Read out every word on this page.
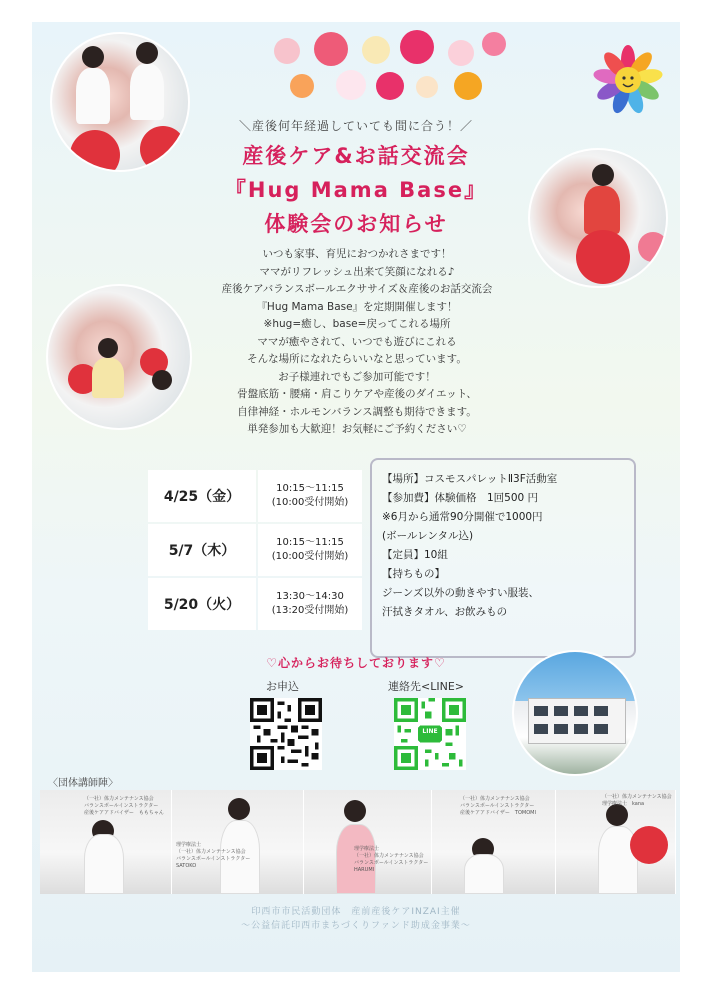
＼産後何年経過していても間に合う！／
産後ケア&お話交流会
『Hug Mama Base』
体験会のお知らせ
いつも家事、育児におつかれさまです！
ママがリフレッシュ出来て笑顔になれる♪
産後ケアバランスボールエクササイズ＆産後のお話交流会
『Hug Mama Base』を定期開催します！
※hug=癒し、base=戻ってこれる場所
ママが癒やされて、いつでも遊びにこれる
そんな場所になれたらいいなと思っています。
お子様連れでもご参加可能です！
骨盤底筋・腰痛・肩こりケアや産後のダイエット、
自律神経・ホルモンバランス調整も期待できます。
単発参加も大歓迎！お気軽にご予約ください♡
4/25（金）
10:15～11:15
(10:00受付開始)
5/7（木）
10:15～11:15
(10:00受付開始)
5/20（火）
13:30～14:30
(13:20受付開始)
【場所】コスモスパレットⅡ3F活動室
【参加費】体験価格　1回500 円
※6月から通常90分開催で1000円
(ボールレンタル込)
【定員】10組
【持ちもの】
ジーンズ以外の動きやすい服装、
汗拭きタオル、お飲みもの
♡心からお待ちしております♡
お申込	連絡先<LINE>
LINE
〈団体講師陣〉
（一社）体力メンテナンス協会
バランスボールインストラクター
産後ケアアドバイザー　ももちゃん
理学療法士
（一社）体力メンテナンス協会
バランスボールインストラクター
SATOKO
理学療法士
（一社）体力メンテナンス協会
バランスボールインストラクター
HARUMI
（一社）体力メンテナンス協会
バランスボールインストラクター
産後ケアアドバイザー　TOMOMI
（一社）体力メンテナンス協会
理学療法士　kana
印西市市民活動団体　産前産後ケアINZAI主催
～公益信託印西市まちづくりファンド助成金事業～
